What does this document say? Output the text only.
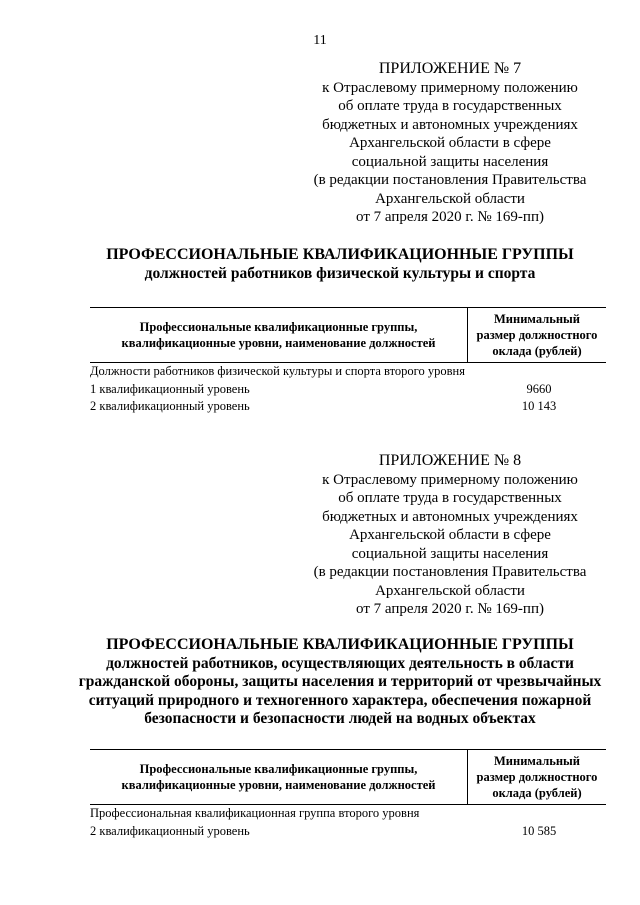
11
ПРИЛОЖЕНИЕ № 7
к Отраслевому примерному положению
об оплате труда в государственных
бюджетных и автономных учреждениях
Архангельской области в сфере
социальной защиты населения
(в редакции постановления Правительства
Архангельской области
от 7 апреля 2020 г. № 169-пп)
ПРОФЕССИОНАЛЬНЫЕ КВАЛИФИКАЦИОННЫЕ ГРУППЫ
должностей работников физической культуры и спорта
Профессиональные квалификационные группы,
квалификационные уровни, наименование должностей
Минимальный
размер должностного
оклада (рублей)
Должности работников физической культуры и спорта второго уровня
1 квалификационный уровень	9660
2 квалификационный уровень	10 143
ПРИЛОЖЕНИЕ № 8
к Отраслевому примерному положению
об оплате труда в государственных
бюджетных и автономных учреждениях
Архангельской области в сфере
социальной защиты населения
(в редакции постановления Правительства
Архангельской области
от 7 апреля 2020 г. № 169-пп)
ПРОФЕССИОНАЛЬНЫЕ КВАЛИФИКАЦИОННЫЕ ГРУППЫ
должностей работников, осуществляющих деятельность в области
гражданской обороны, защиты населения и территорий от чрезвычайных
ситуаций природного и техногенного характера, обеспечения пожарной
безопасности и безопасности людей на водных объектах
Профессиональные квалификационные группы,
квалификационные уровни, наименование должностей
Минимальный
размер должностного
оклада (рублей)
Профессиональная квалификационная группа второго уровня
2 квалификационный уровень	10 585
